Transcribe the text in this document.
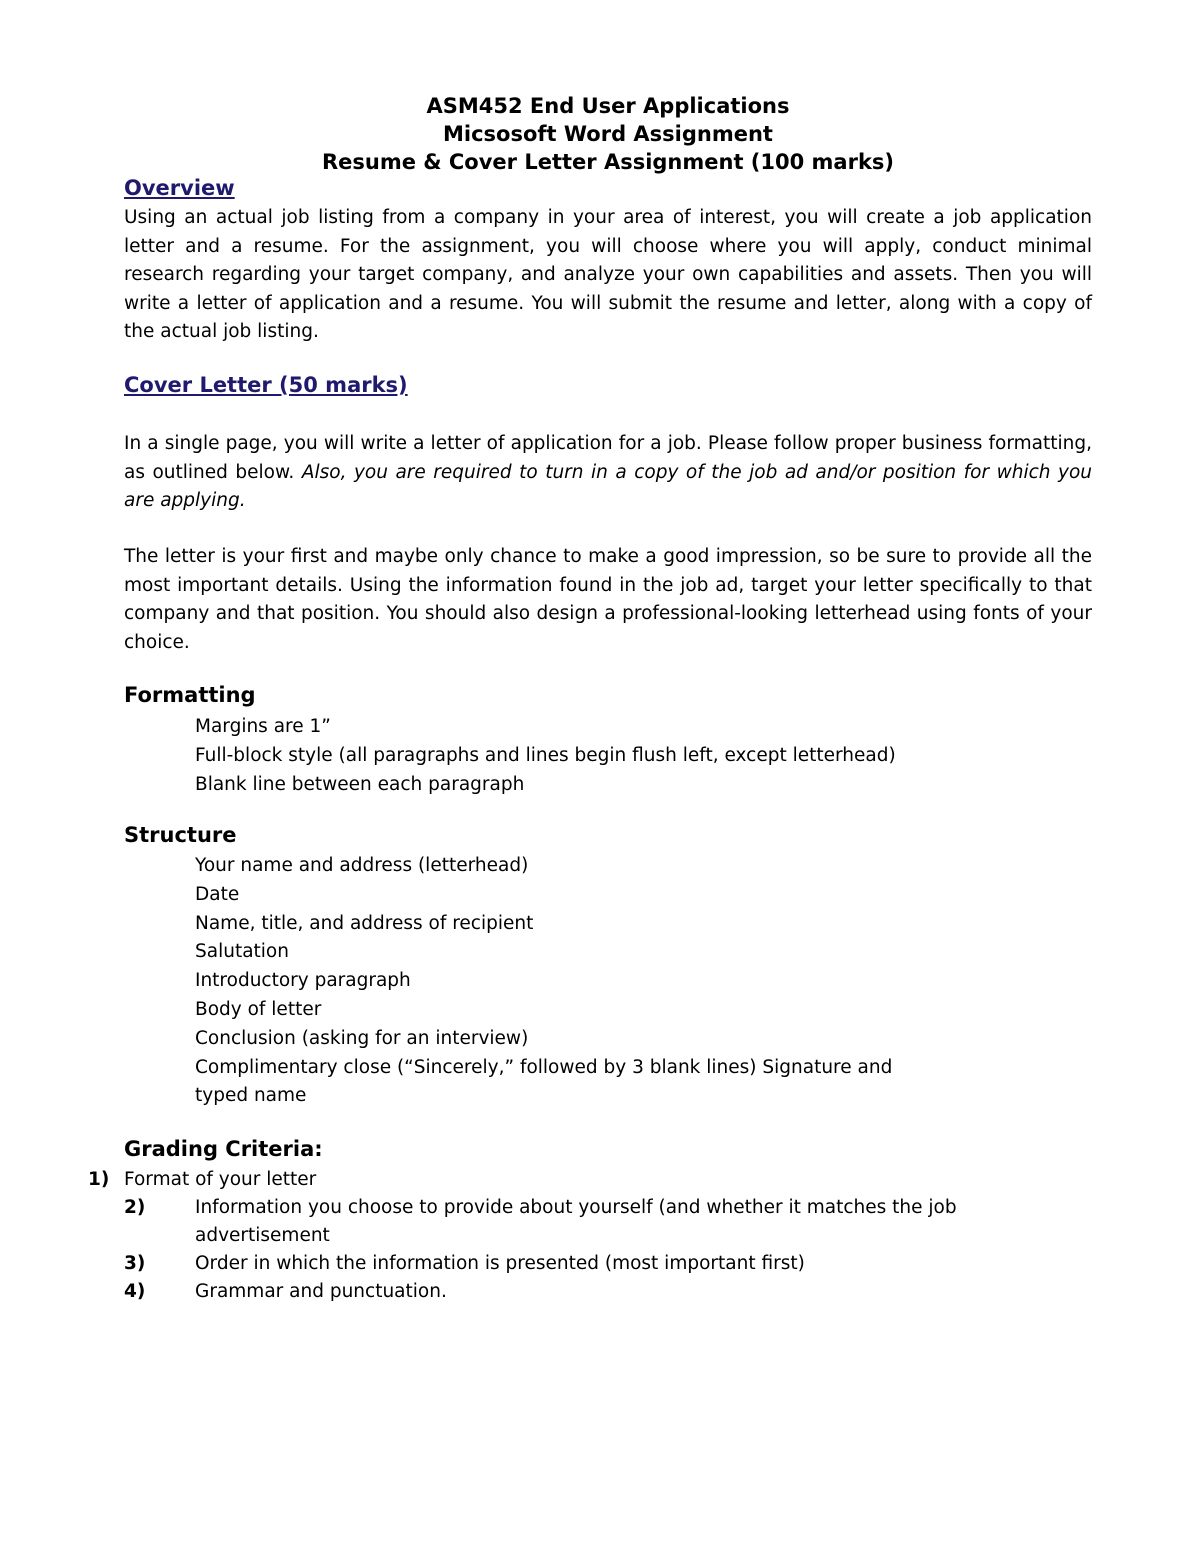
ASM452 End User Applications
Micsosoft Word Assignment
Resume & Cover Letter Assignment (100 marks)
Overview
Using an actual job listing from a company in your area of interest, you will create a job application letter and a resume. For the assignment, you will choose where you will apply, conduct minimal research regarding your target company, and analyze your own capabilities and assets. Then you will write a letter of application and a resume. You will submit the resume and letter, along with a copy of the actual job listing.
Cover Letter (50 marks)
In a single page, you will write a letter of application for a job. Please follow proper business formatting, as outlined below. Also, you are required to turn in a copy of the job ad and/or position for which you are applying.
The letter is your first and maybe only chance to make a good impression, so be sure to provide all the most important details. Using the information found in the job ad, target your letter specifically to that company and that position. You should also design a professional-looking letterhead using fonts of your choice.
Formatting
Margins are 1”
Full-block style (all paragraphs and lines begin flush left, except letterhead)
Blank line between each paragraph
Structure
Your name and address (letterhead)
Date
Name, title, and address of recipient
Salutation
Introductory paragraph
Body of letter
Conclusion (asking for an interview)
Complimentary close (“Sincerely,” followed by 3 blank lines) Signature and typed name
Grading Criteria:
1) Format of your letter
2)	Information you choose to provide about yourself (and whether it matches the job advertisement
3)	Order in which the information is presented (most important first)
4)	Grammar and punctuation.
